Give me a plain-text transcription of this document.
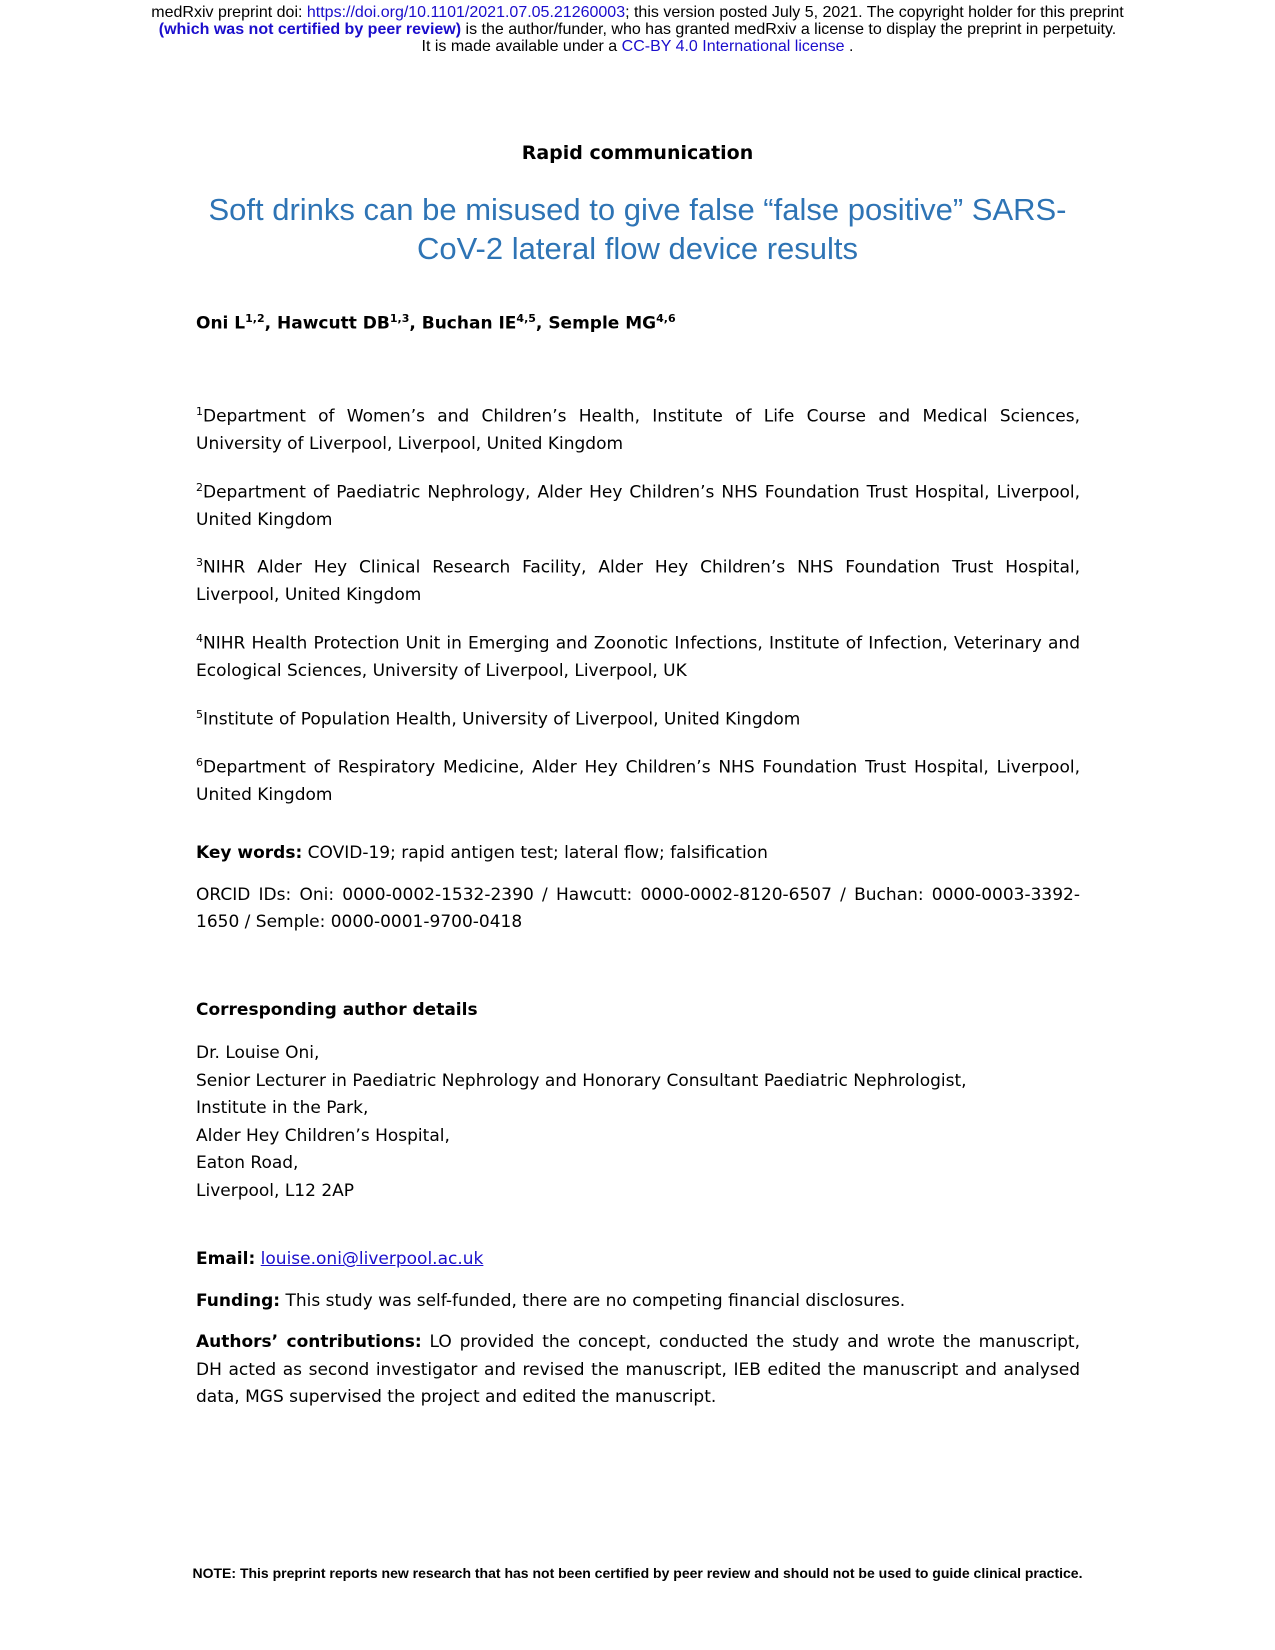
medRxiv preprint doi: https://doi.org/10.1101/2021.07.05.21260003; this version posted July 5, 2021. The copyright holder for this preprint
(which was not certified by peer review) is the author/funder, who has granted medRxiv a license to display the preprint in perpetuity.
It is made available under a CC-BY 4.0 International license .
Rapid communication
Soft drinks can be misused to give false “false positive” SARS-CoV-2 lateral flow device results
Oni L$^{1,2}$, Hawcutt DB$^{1,3}$, Buchan IE$^{4,5}$, Semple MG$^{4,6}$

$^1$Department of Women’s and Children’s Health, Institute of Life Course and Medical Sciences, University of Liverpool, Liverpool, United Kingdom

$^2$Department of Paediatric Nephrology, Alder Hey Children’s NHS Foundation Trust Hospital, Liverpool, United Kingdom

$^3$NIHR Alder Hey Clinical Research Facility, Alder Hey Children’s NHS Foundation Trust Hospital, Liverpool, United Kingdom

$^4$NIHR Health Protection Unit in Emerging and Zoonotic Infections, Institute of Infection, Veterinary and Ecological Sciences, University of Liverpool, Liverpool, UK

$^5$Institute of Population Health, University of Liverpool, United Kingdom

$^6$Department of Respiratory Medicine, Alder Hey Children’s NHS Foundation Trust Hospital, Liverpool, United Kingdom

Key words: COVID-19; rapid antigen test; lateral flow; falsification

ORCID IDs: Oni: 0000-0002-1532-2390 / Hawcutt: 0000-0002-8120-6507 / Buchan: 0000-0003-3392-1650 / Semple: 0000-0001-9700-0418

Corresponding author details
Dr. Louise Oni,
Senior Lecturer in Paediatric Nephrology and Honorary Consultant Paediatric Nephrologist,
Institute in the Park,
Alder Hey Children’s Hospital,
Eaton Road,
Liverpool, L12 2AP

Email: louise.oni@liverpool.ac.uk

Funding: This study was self-funded, there are no competing financial disclosures.

Authors’ contributions: LO provided the concept, conducted the study and wrote the manuscript, DH acted as second investigator and revised the manuscript, IEB edited the manuscript and analysed data, MGS supervised the project and edited the manuscript.

NOTE: This preprint reports new research that has not been certified by peer review and should not be used to guide clinical practice.
